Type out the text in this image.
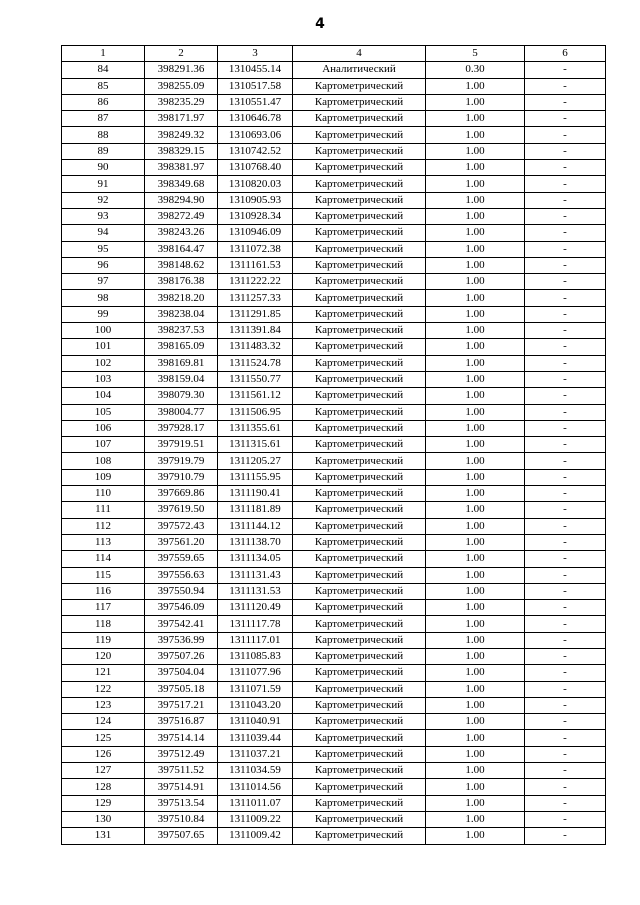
4
1	2	3	4	5	6
84	398291.36	1310455.14	Аналитический	0.30	-
85	398255.09	1310517.58	Картометрический	1.00	-
86	398235.29	1310551.47	Картометрический	1.00	-
87	398171.97	1310646.78	Картометрический	1.00	-
88	398249.32	1310693.06	Картометрический	1.00	-
89	398329.15	1310742.52	Картометрический	1.00	-
90	398381.97	1310768.40	Картометрический	1.00	-
91	398349.68	1310820.03	Картометрический	1.00	-
92	398294.90	1310905.93	Картометрический	1.00	-
93	398272.49	1310928.34	Картометрический	1.00	-
94	398243.26	1310946.09	Картометрический	1.00	-
95	398164.47	1311072.38	Картометрический	1.00	-
96	398148.62	1311161.53	Картометрический	1.00	-
97	398176.38	1311222.22	Картометрический	1.00	-
98	398218.20	1311257.33	Картометрический	1.00	-
99	398238.04	1311291.85	Картометрический	1.00	-
100	398237.53	1311391.84	Картометрический	1.00	-
101	398165.09	1311483.32	Картометрический	1.00	-
102	398169.81	1311524.78	Картометрический	1.00	-
103	398159.04	1311550.77	Картометрический	1.00	-
104	398079.30	1311561.12	Картометрический	1.00	-
105	398004.77	1311506.95	Картометрический	1.00	-
106	397928.17	1311355.61	Картометрический	1.00	-
107	397919.51	1311315.61	Картометрический	1.00	-
108	397919.79	1311205.27	Картометрический	1.00	-
109	397910.79	1311155.95	Картометрический	1.00	-
110	397669.86	1311190.41	Картометрический	1.00	-
111	397619.50	1311181.89	Картометрический	1.00	-
112	397572.43	1311144.12	Картометрический	1.00	-
113	397561.20	1311138.70	Картометрический	1.00	-
114	397559.65	1311134.05	Картометрический	1.00	-
115	397556.63	1311131.43	Картометрический	1.00	-
116	397550.94	1311131.53	Картометрический	1.00	-
117	397546.09	1311120.49	Картометрический	1.00	-
118	397542.41	1311117.78	Картометрический	1.00	-
119	397536.99	1311117.01	Картометрический	1.00	-
120	397507.26	1311085.83	Картометрический	1.00	-
121	397504.04	1311077.96	Картометрический	1.00	-
122	397505.18	1311071.59	Картометрический	1.00	-
123	397517.21	1311043.20	Картометрический	1.00	-
124	397516.87	1311040.91	Картометрический	1.00	-
125	397514.14	1311039.44	Картометрический	1.00	-
126	397512.49	1311037.21	Картометрический	1.00	-
127	397511.52	1311034.59	Картометрический	1.00	-
128	397514.91	1311014.56	Картометрический	1.00	-
129	397513.54	1311011.07	Картометрический	1.00	-
130	397510.84	1311009.22	Картометрический	1.00	-
131	397507.65	1311009.42	Картометрический	1.00	-
